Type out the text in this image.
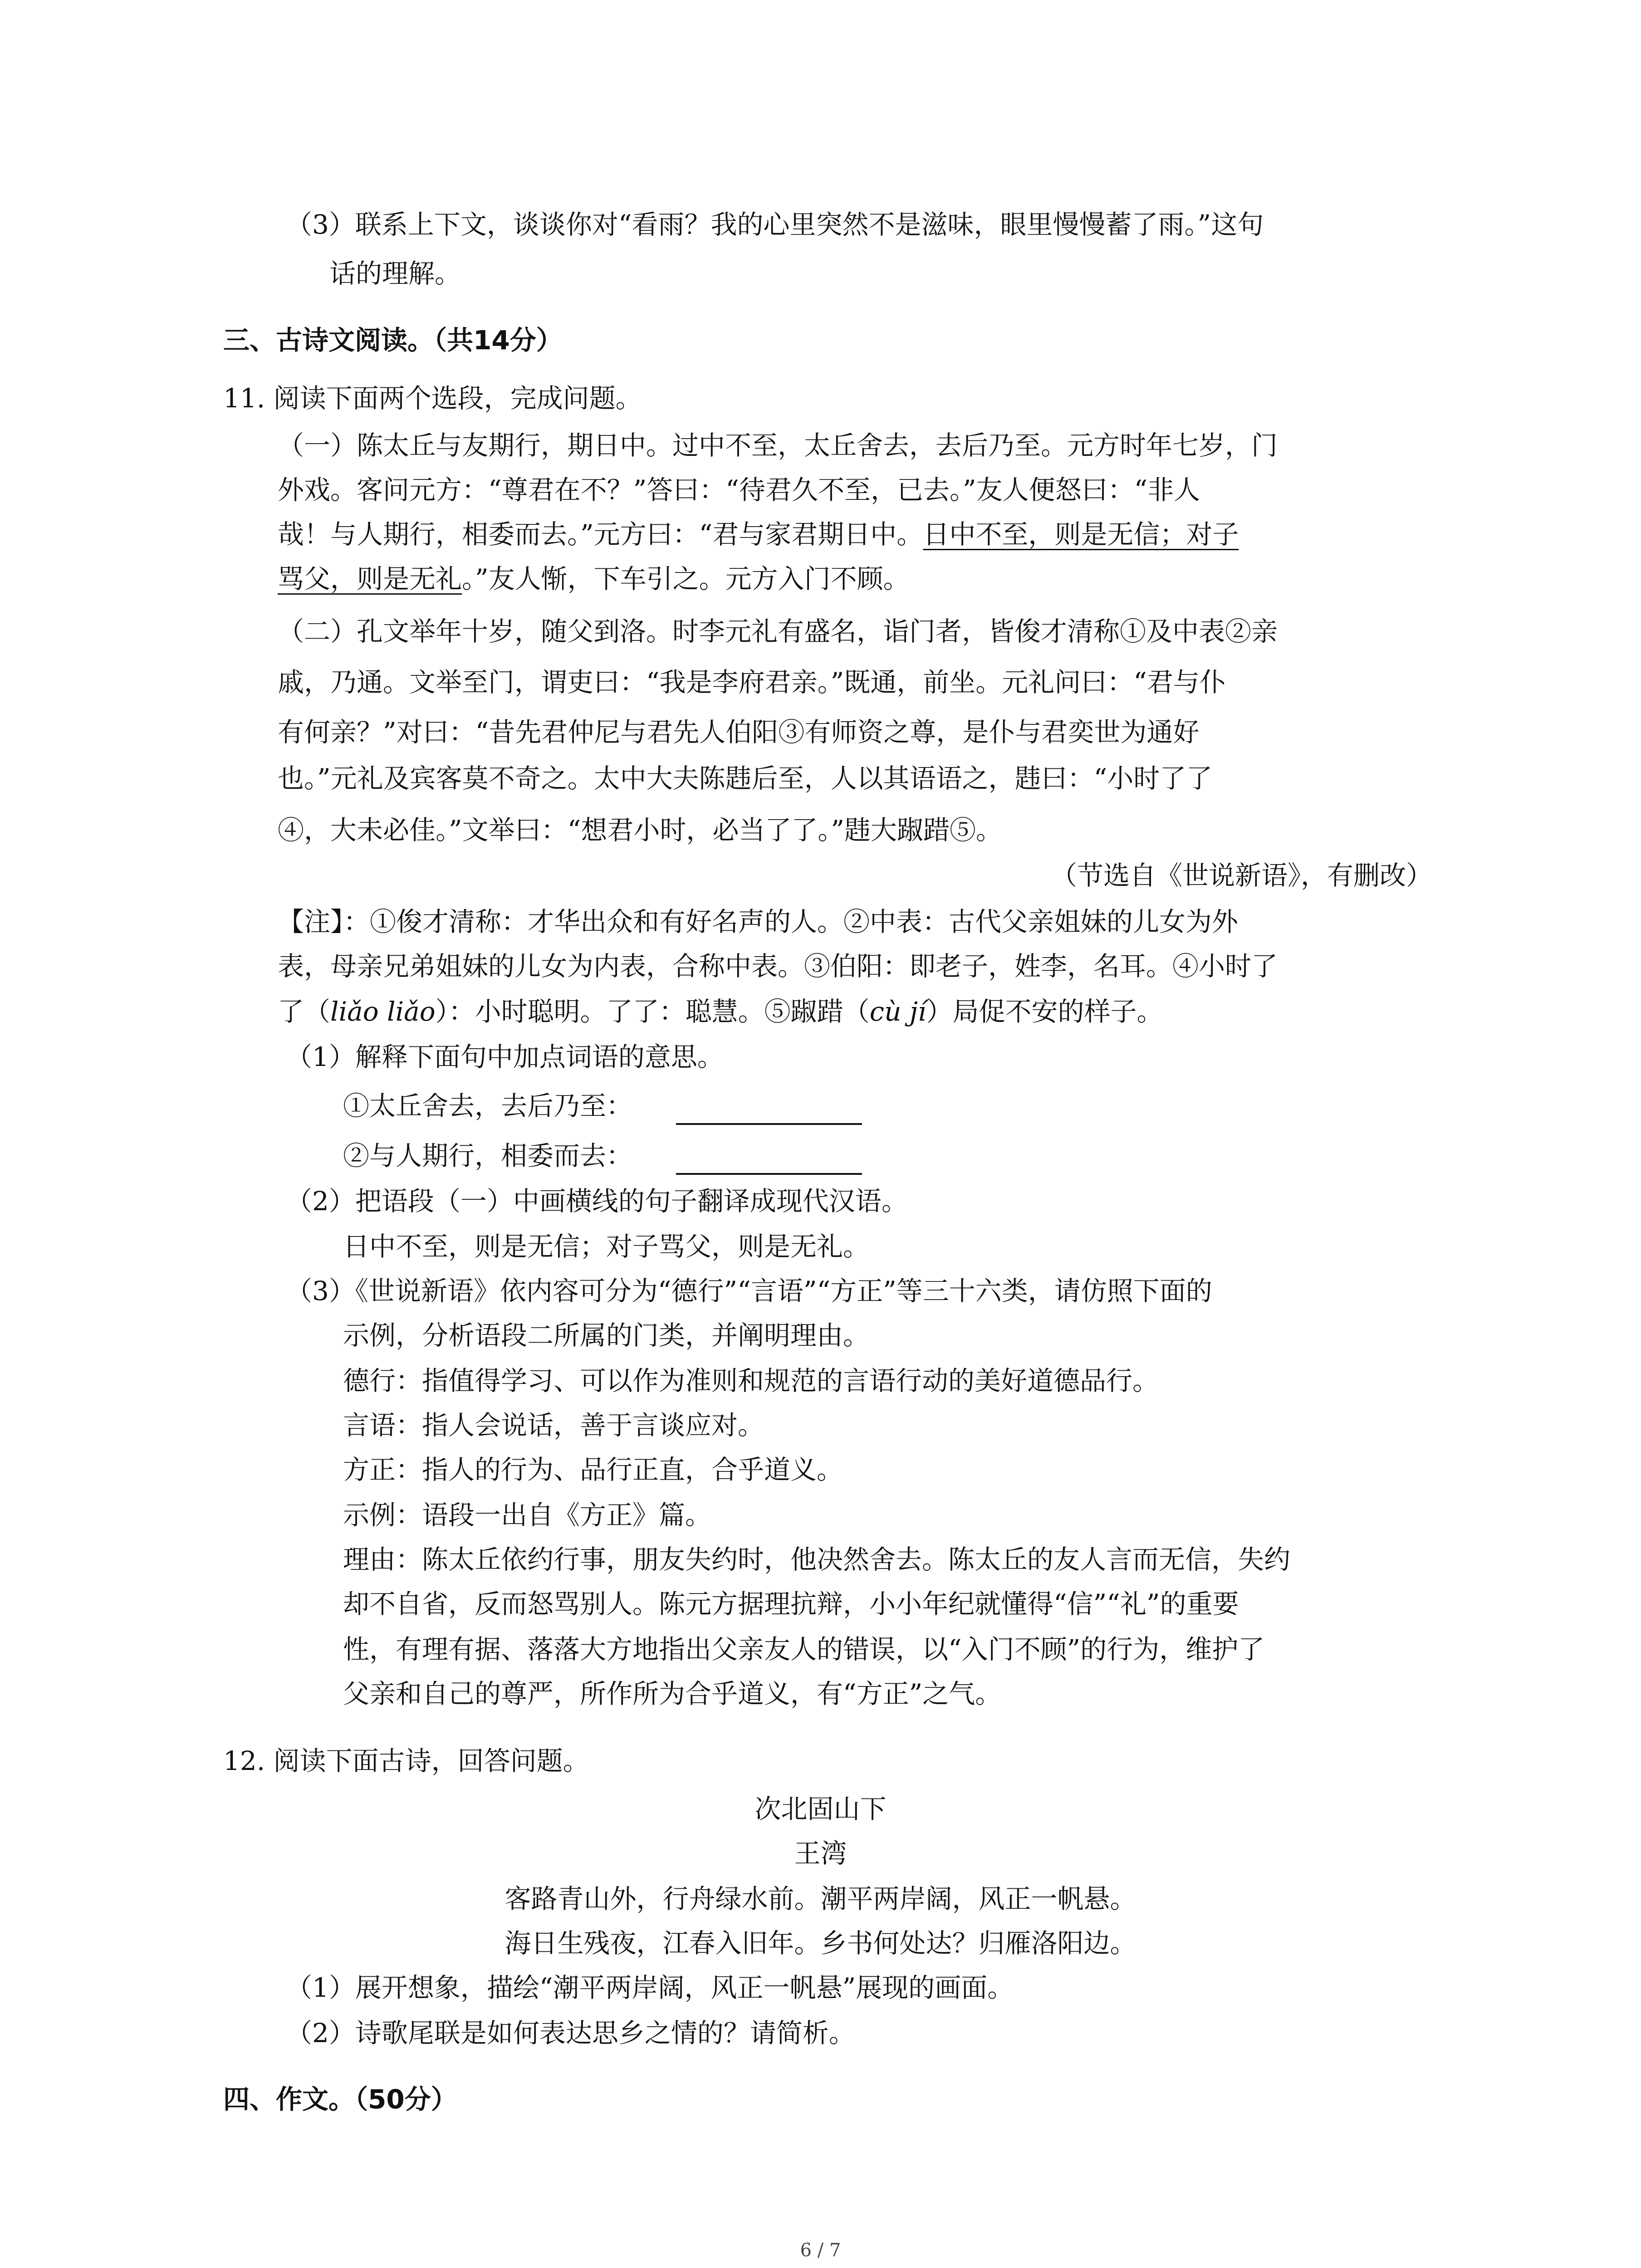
（3）联系上下文，谈谈你对“看雨？我的心里突然不是滋味，眼里慢慢蓄了雨。”这句
话的理解。
三、古诗文阅读。（共14分）
11. 阅读下面两个选段，完成问题。
（一）陈太丘与友期行，期日中。过中不至，太丘舍去，去后乃至。元方时年七岁，门
外戏。客问元方：“尊君在不？”答曰：“待君久不至，已去。”友人便怒曰：“非人
哉！与人期行，相委而去。”元方曰：“君与家君期日中。日中不至，则是无信；对子
骂父，则是无礼。”友人惭，下车引之。元方入门不顾。
（二）孔文举年十岁，随父到洛。时李元礼有盛名，诣门者，皆俊才清称①及中表②亲
戚，乃通。文举至门，谓吏曰：“我是李府君亲。”既通，前坐。元礼问曰：“君与仆
有何亲？”对曰：“昔先君仲尼与君先人伯阳③有师资之尊，是仆与君奕世为通好
也。”元礼及宾客莫不奇之。太中大夫陈韪后至，人以其语语之，韪曰：“小时了了
④，大未必佳。”文举曰：“想君小时，必当了了。”韪大踧踖⑤。
（节选自《世说新语》，有删改）
【注】：①俊才清称：才华出众和有好名声的人。②中表：古代父亲姐妹的儿女为外
表，母亲兄弟姐妹的儿女为内表，合称中表。③伯阳：即老子，姓李，名耳。④小时了
了（liǎo liǎo）：小时聪明。了了：聪慧。⑤踧踖（cù jí）局促不安的样子。
（1）解释下面句中加点词语的意思。
①太丘舍去，去后乃至：
②与人期行，相委而去：
（2）把语段（一）中画横线的句子翻译成现代汉语。
日中不至，则是无信；对子骂父，则是无礼。
（3）《世说新语》依内容可分为“德行”“言语”“方正”等三十六类，请仿照下面的
示例，分析语段二所属的门类，并阐明理由。
德行：指值得学习、可以作为准则和规范的言语行动的美好道德品行。
言语：指人会说话，善于言谈应对。
方正：指人的行为、品行正直，合乎道义。
示例：语段一出自《方正》篇。
理由：陈太丘依约行事，朋友失约时，他决然舍去。陈太丘的友人言而无信，失约
却不自省，反而怒骂别人。陈元方据理抗辩，小小年纪就懂得“信”“礼”的重要
性，有理有据、落落大方地指出父亲友人的错误，以“入门不顾”的行为，维护了
父亲和自己的尊严，所作所为合乎道义，有“方正”之气。
12. 阅读下面古诗，回答问题。
次北固山下
王湾
客路青山外，行舟绿水前。潮平两岸阔，风正一帆悬。
海日生残夜，江春入旧年。乡书何处达？归雁洛阳边。
（1）展开想象，描绘“潮平两岸阔，风正一帆悬”展现的画面。
（2）诗歌尾联是如何表达思乡之情的？请简析。
四、作文。（50分）
6 / 7
